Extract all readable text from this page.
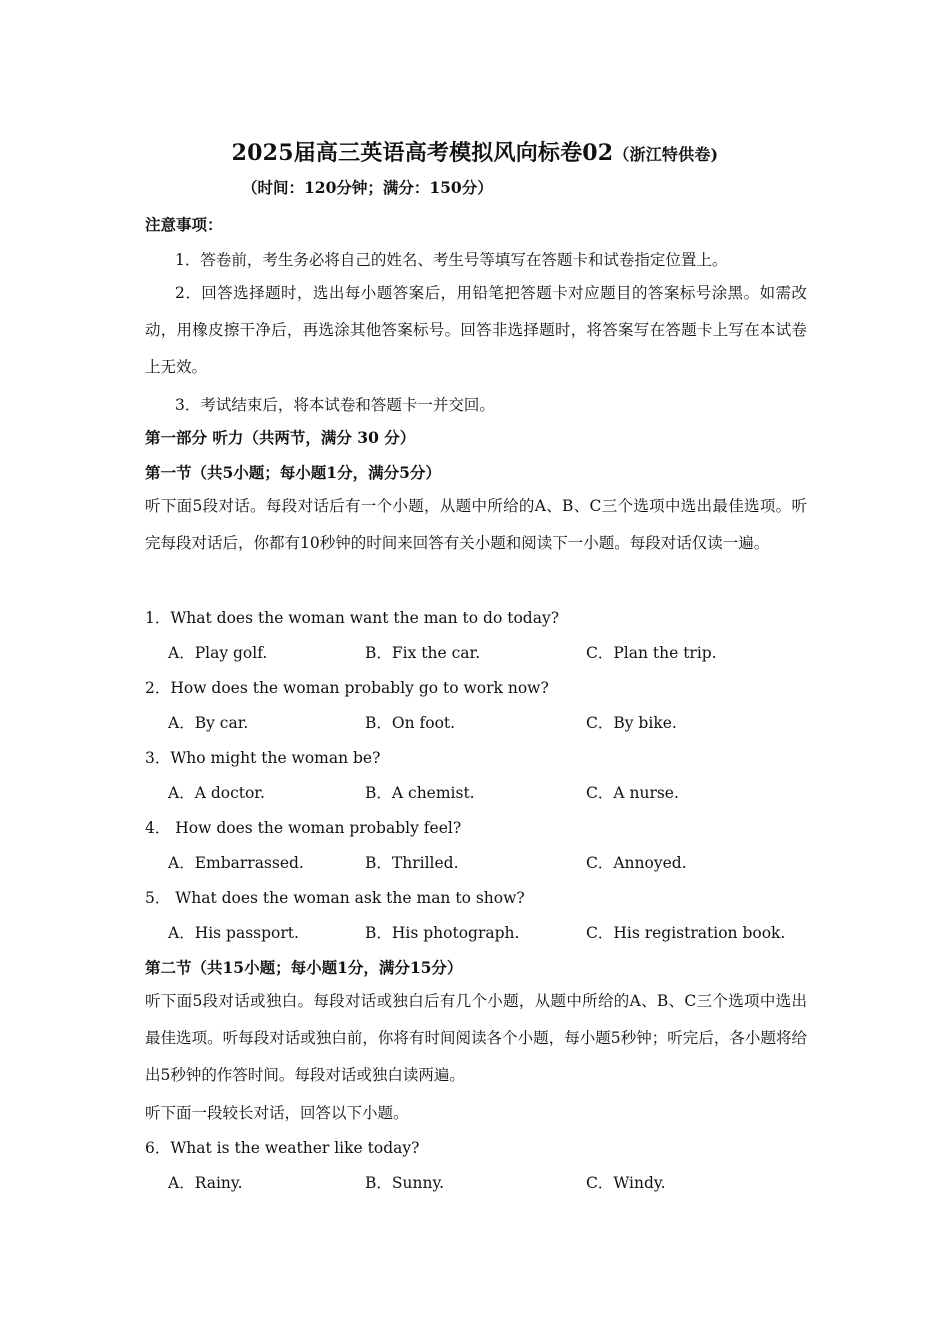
2025届高三英语高考模拟风向标卷02（浙江特供卷)
（时间：120分钟；满分：150分）
注意事项：
1．答卷前，考生务必将自己的姓名、考生号等填写在答题卡和试卷指定位置上。
2．回答选择题时，选出每小题答案后，用铅笔把答题卡对应题目的答案标号涂黑。如需改动，用橡皮擦干净后，再选涂其他答案标号。回答非选择题时，将答案写在答题卡上写在本试卷上无效。
3．考试结束后，将本试卷和答题卡一并交回。
第一部分 听力（共两节，满分 30 分）
第一节（共5小题；每小题1分，满分5分）
听下面5段对话。每段对话后有一个小题，从题中所给的A、B、C三个选项中选出最佳选项。听完每段对话后，你都有10秒钟的时间来回答有关小题和阅读下一小题。每段对话仅读一遍。
1．What does the woman want the man to do today?
A．Play golf.	B．Fix the car.	C．Plan the trip.
2．How does the woman probably go to work now?
A．By car.	B．On foot.	C．By bike.
3．Who might the woman be?
A．A doctor.	B．A chemist.	C．A nurse.
4． How does the woman probably feel?
A．Embarrassed.	B．Thrilled.	C．Annoyed.
5． What does the woman ask the man to show?
A．His passport.	B．His photograph.	C．His registration book.
第二节（共15小题；每小题1分，满分15分）
听下面5段对话或独白。每段对话或独白后有几个小题，从题中所给的A、B、C三个选项中选出最佳选项。听每段对话或独白前，你将有时间阅读各个小题，每小题5秒钟；听完后，各小题将给出5秒钟的作答时间。每段对话或独白读两遍。
听下面一段较长对话，回答以下小题。
6．What is the weather like today?
A．Rainy.	B．Sunny.	C．Windy.
